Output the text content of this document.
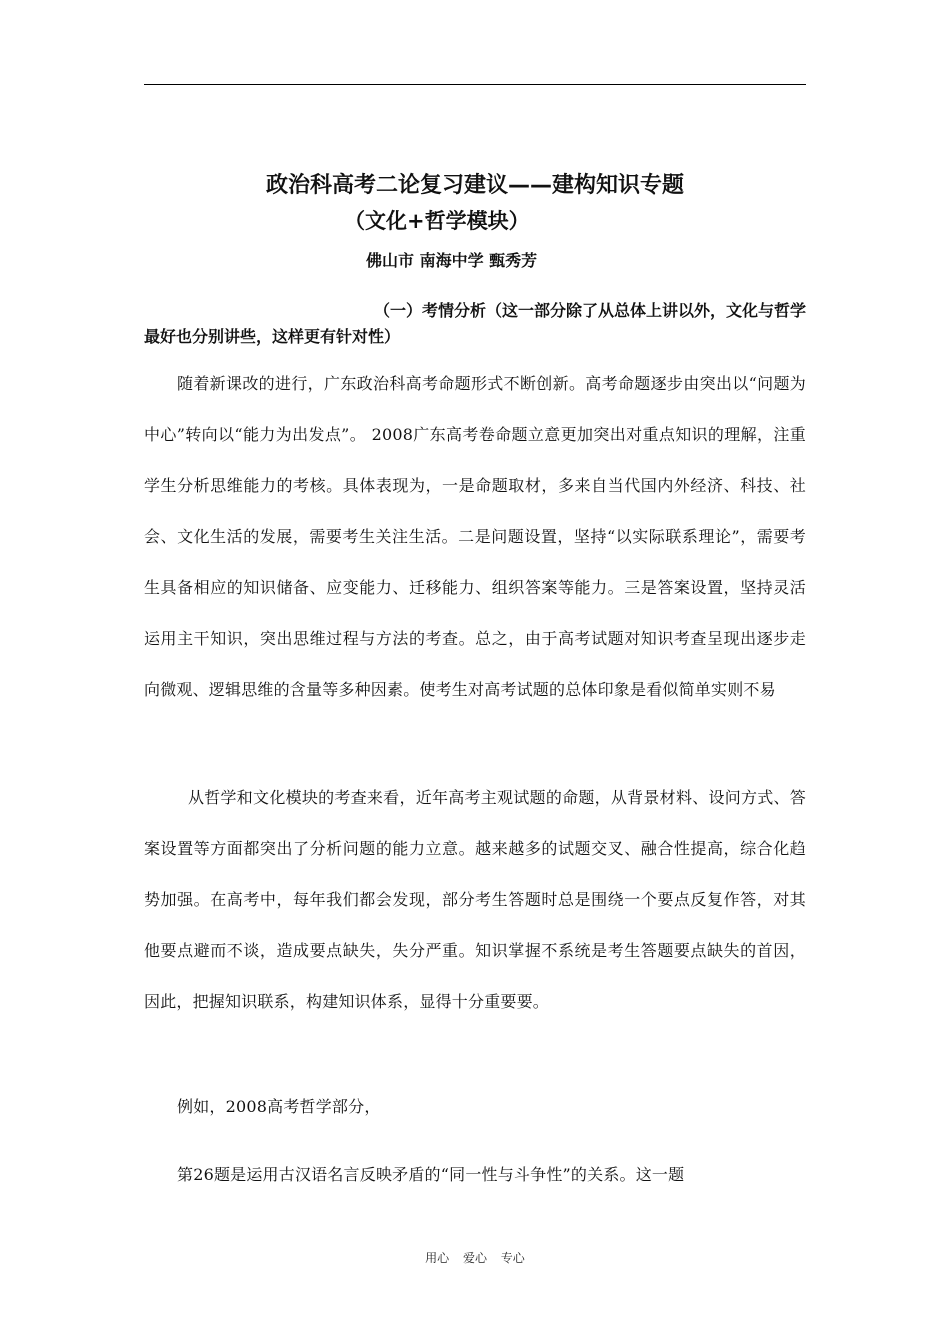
政治科高考二论复习建议——建构知识专题
（文化+哲学模块）
佛山市 南海中学 甄秀芳

（一）考情分析（这一部分除了从总体上讲以外，文化与哲学最好也分别讲些，这样更有针对性）

随着新课改的进行，广东政治科高考命题形式不断创新。高考命题逐步由突出以“问题为中心”转向以“能力为出发点”。 2008广东高考卷命题立意更加突出对重点知识的理解，注重学生分析思维能力的考核。具体表现为，一是命题取材，多来自当代国内外经济、科技、社会、文化生活的发展，需要考生关注生活。二是问题设置，坚持“以实际联系理论”，需要考生具备相应的知识储备、应变能力、迁移能力、组织答案等能力。三是答案设置，坚持灵活运用主干知识，突出思维过程与方法的考查。总之，由于高考试题对知识考查呈现出逐步走向微观、逻辑思维的含量等多种因素。使考生对高考试题的总体印象是看似简单实则不易

从哲学和文化模块的考查来看，近年高考主观试题的命题，从背景材料、设问方式、答案设置等方面都突出了分析问题的能力立意。越来越多的试题交叉、融合性提高，综合化趋势加强。在高考中，每年我们都会发现，部分考生答题时总是围绕一个要点反复作答，对其他要点避而不谈，造成要点缺失，失分严重。知识掌握不系统是考生答题要点缺失的首因，因此，把握知识联系，构建知识体系，显得十分重要要。

例如，2008高考哲学部分，

第26题是运用古汉语名言反映矛盾的“同一性与斗争性”的关系。这一题

用心 爱心 专心
